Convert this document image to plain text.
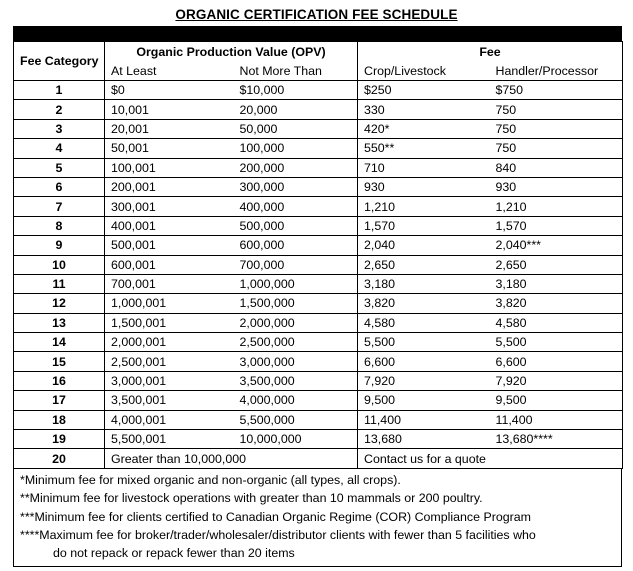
ORGANIC CERTIFICATION FEE SCHEDULE
Fee Category	Organic Production Value (OPV)		Fee	
	At Least	Not More Than	Crop/Livestock	Handler/Processor
1	$0	$10,000	$250	$750
2	10,001	20,000	330	750
3	20,001	50,000	420*	750
4	50,001	100,000	550**	750
5	100,001	200,000	710	840
6	200,001	300,000	930	930
7	300,001	400,000	1,210	1,210
8	400,001	500,000	1,570	1,570
9	500,001	600,000	2,040	2,040***
10	600,001	700,000	2,650	2,650
11	700,001	1,000,000	3,180	3,180
12	1,000,001	1,500,000	3,820	3,820
13	1,500,001	2,000,000	4,580	4,580
14	2,000,001	2,500,000	5,500	5,500
15	2,500,001	3,000,000	6,600	6,600
16	3,000,001	3,500,000	7,920	7,920
17	3,500,001	4,000,000	9,500	9,500
18	4,000,001	5,500,000	11,400	11,400
19	5,500,001	10,000,000	13,680	13,680****
20	Greater than 10,000,000		Contact us for a quote	
*Minimum fee for mixed organic and non-organic (all types, all crops).
**Minimum fee for livestock operations with greater than 10 mammals or 200 poultry.
***Minimum fee for clients certified to Canadian Organic Regime (COR) Compliance Program
****Maximum fee for broker/trader/wholesaler/distributor clients with fewer than 5 facilities who
do not repack or repack fewer than 20 items
